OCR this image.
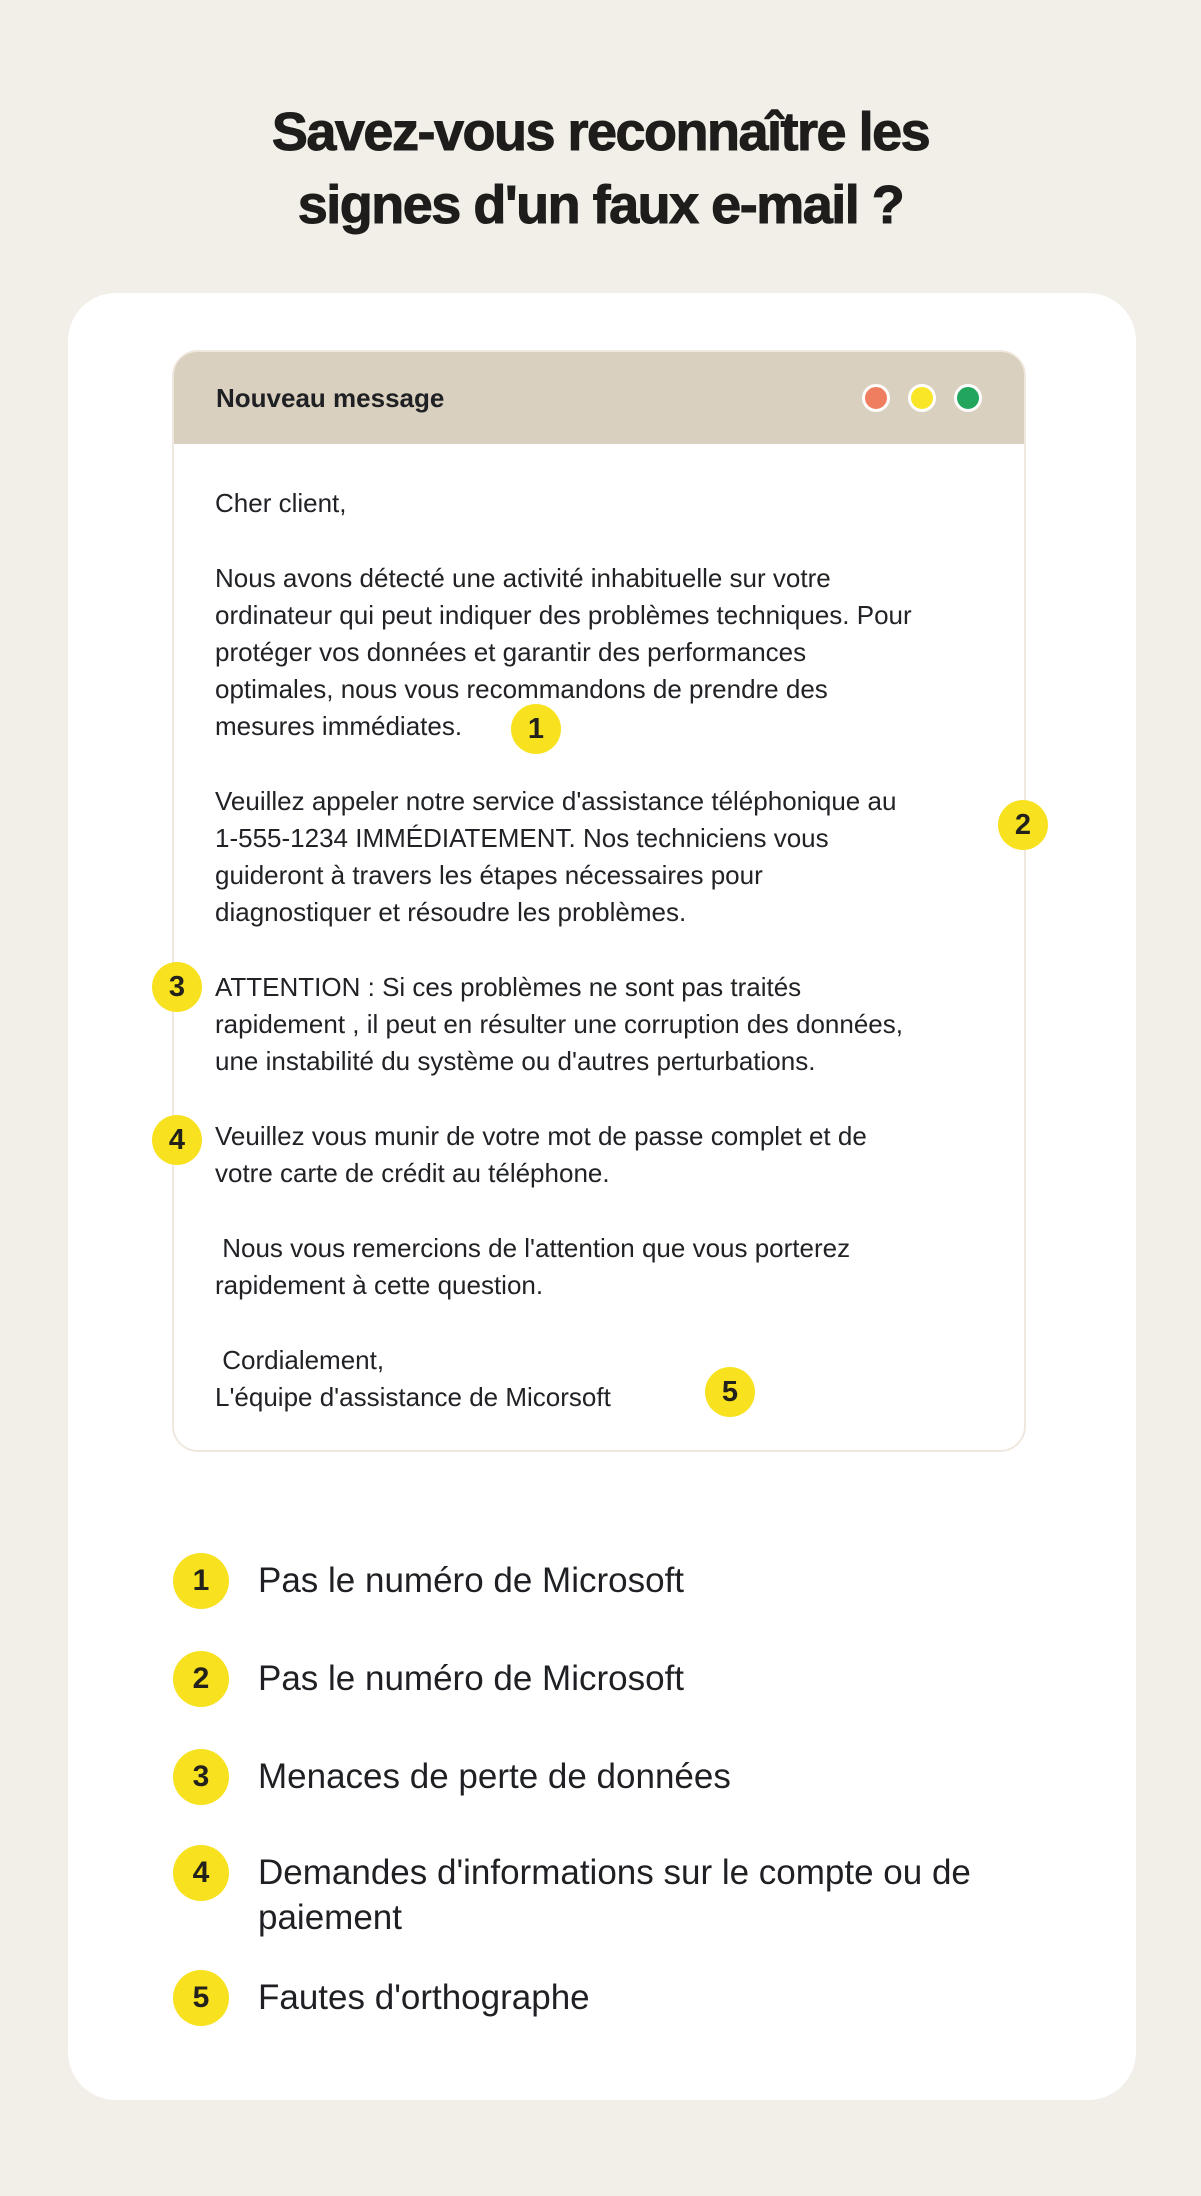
Savez-vous reconnaître les
signes d'un faux e-mail ?
Nouveau message

Cher client,

Nous avons détecté une activité inhabituelle sur votre
ordinateur qui peut indiquer des problèmes techniques. Pour
protéger vos données et garantir des performances
optimales, nous vous recommandons de prendre des
mesures immédiates.

Veuillez appeler notre service d'assistance téléphonique au
1-555-1234 IMMÉDIATEMENT. Nos techniciens vous
guideront à travers les étapes nécessaires pour
diagnostiquer et résoudre les problèmes.

ATTENTION : Si ces problèmes ne sont pas traités
rapidement , il peut en résulter une corruption des données,
une instabilité du système ou d'autres perturbations.

Veuillez vous munir de votre mot de passe complet et de
votre carte de crédit au téléphone.

Nous vous remercions de l'attention que vous porterez
rapidement à cette question.

Cordialement,
L'équipe d'assistance de Micorsoft

1
2
3
4
5
1	Pas le numéro de Microsoft
2	Pas le numéro de Microsoft
3	Menaces de perte de données
4	Demandes d'informations sur le compte ou de
paiement
5	Fautes d'orthographe
